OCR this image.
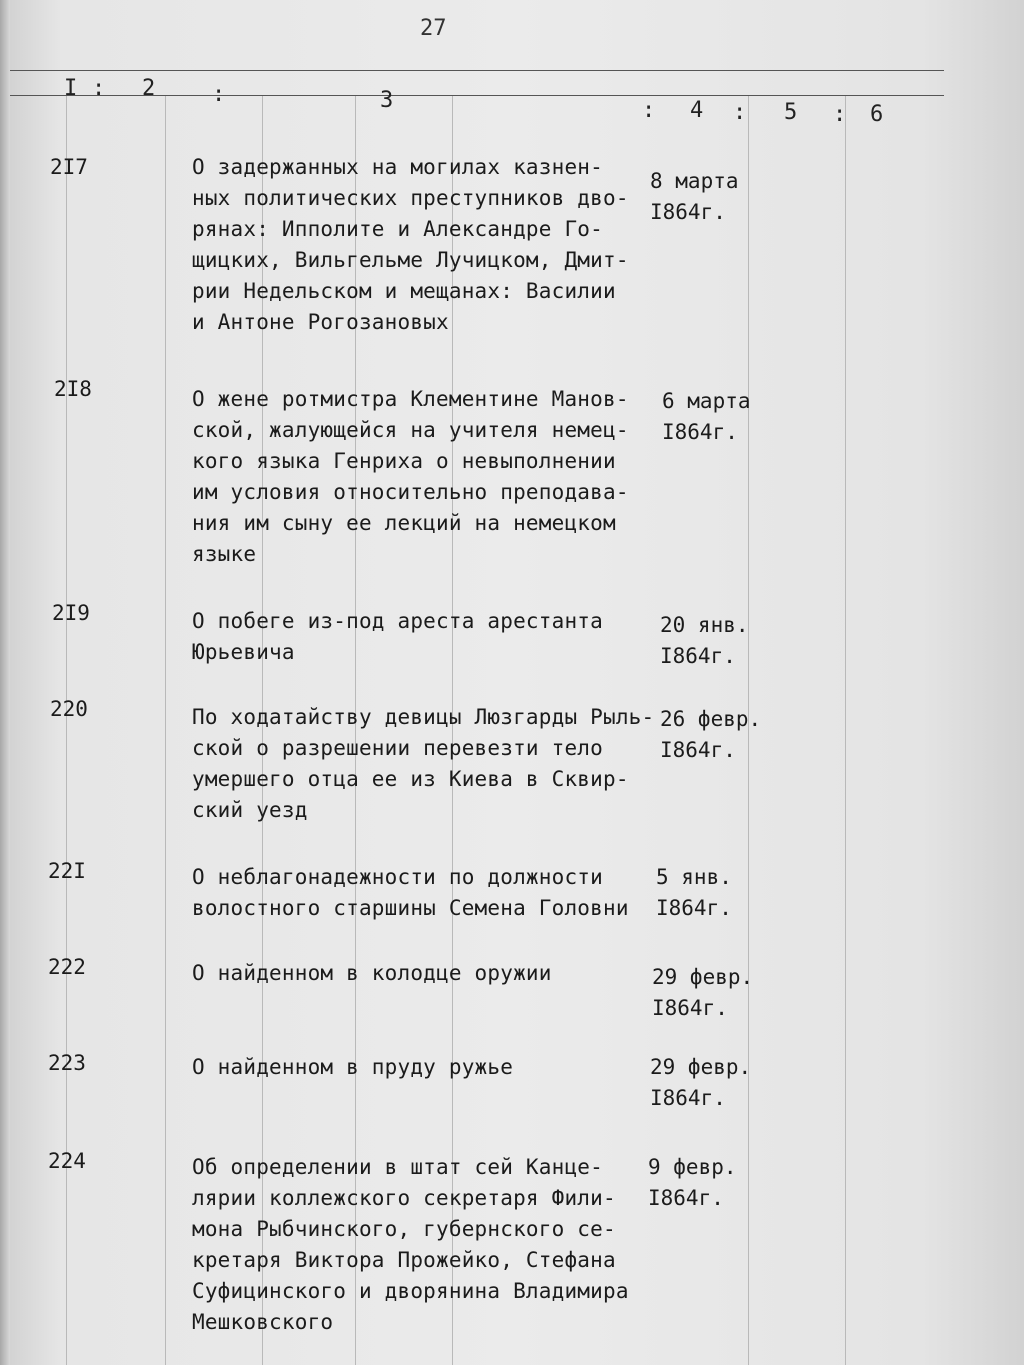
27
I : 2	:	3	: 4 : 5 : 6
2I7	О задержанных на могилах казнен-
ных политических преступников дво-
рянах: Ипполите и Александре Го-
щицких, Вильгельме Лучицком, Дмит-
рии Недельском и мещанах: Василии
и Антоне Рогозановых
8 марта
I864г.
2I8	О жене ротмистра Клементине Манов-
ской, жалующейся на учителя немец-
кого языка Генриха о невыполнении
им условия относительно преподава-
ния им сыну ее лекций на немецком
языке
6 марта
I864г.
2I9	О побеге из-под ареста арестанта
Юрьевича
20 янв.
I864г.
220	По ходатайству девицы Люзгарды Рыль-
ской о разрешении перевезти тело
умершего отца ее из Киева в Сквир-
ский уезд
26 февр.
I864г.
22I	О неблагонадежности по должности
волостного старшины Семена Головни
5 янв.
I864г.
222	О найденном в колодце оружии	29 февр.
I864г.
223	О найденном в пруду ружье	29 февр.
I864г.
224	Об определении в штат сей Канце-
лярии коллежского секретаря Фили-
мона Рыбчинского, губернского се-
кретаря Виктора Прожейко, Стефана
Суфицинского и дворянина Владимира
Мешковского
9 февр.
I864г.
